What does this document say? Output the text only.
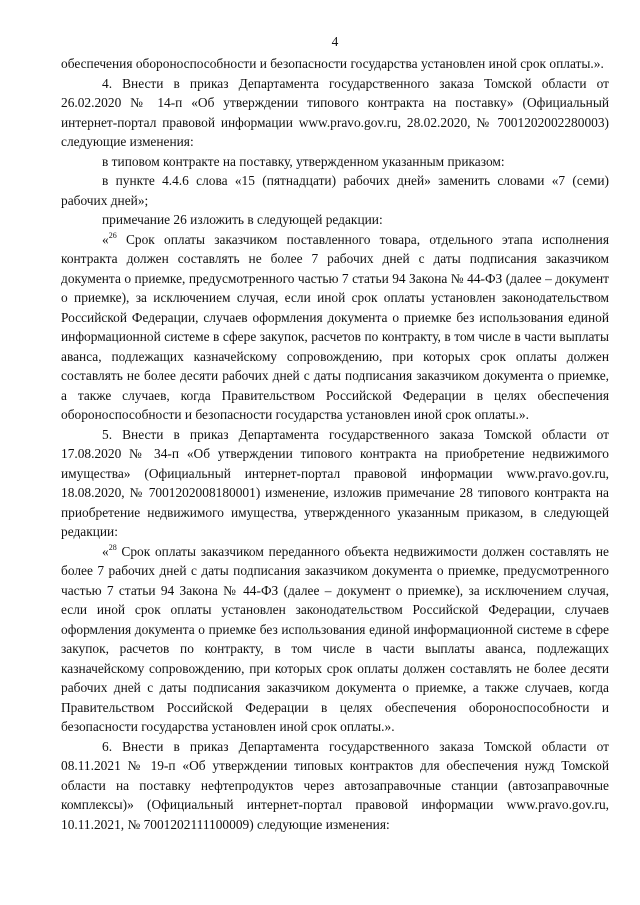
4

обеспечения обороноспособности и безопасности государства установлен иной срок оплаты.».

4. Внести в приказ Департамента государственного заказа Томской области от 26.02.2020 № 14-п «Об утверждении типового контракта на поставку» (Официальный интернет-портал правовой информации www.pravo.gov.ru, 28.02.2020, № 7001202002280003) следующие изменения:

в типовом контракте на поставку, утвержденном указанным приказом:

в пункте 4.4.6 слова «15 (пятнадцати) рабочих дней» заменить словами «7 (семи) рабочих дней»;

примечание 26 изложить в следующей редакции:

«$^{26}$ Срок оплаты заказчиком поставленного товара, отдельного этапа исполнения контракта должен составлять не более 7 рабочих дней с даты подписания заказчиком документа о приемке, предусмотренного частью 7 статьи 94 Закона № 44-ФЗ (далее – документ о приемке), за исключением случая, если иной срок оплаты установлен законодательством Российской Федерации, случаев оформления документа о приемке без использования единой информационной системе в сфере закупок, расчетов по контракту, в том числе в части выплаты аванса, подлежащих казначейскому сопровождению, при которых срок оплаты должен составлять не более десяти рабочих дней с даты подписания заказчиком документа о приемке, а также случаев, когда Правительством Российской Федерации в целях обеспечения обороноспособности и безопасности государства установлен иной срок оплаты.».

5. Внести в приказ Департамента государственного заказа Томской области от 17.08.2020 № 34-п «Об утверждении типового контракта на приобретение недвижимого имущества» (Официальный интернет-портал правовой информации www.pravo.gov.ru, 18.08.2020, № 7001202008180001) изменение, изложив примечание 28 типового контракта на приобретение недвижимого имущества, утвержденного указанным приказом, в следующей редакции:

«$^{28}$ Срок оплаты заказчиком переданного объекта недвижимости должен составлять не более 7 рабочих дней с даты подписания заказчиком документа о приемке, предусмотренного частью 7 статьи 94 Закона № 44-ФЗ (далее – документ о приемке), за исключением случая, если иной срок оплаты установлен законодательством Российской Федерации, случаев оформления документа о приемке без использования единой информационной системе в сфере закупок, расчетов по контракту, в том числе в части выплаты аванса, подлежащих казначейскому сопровождению, при которых срок оплаты должен составлять не более десяти рабочих дней с даты подписания заказчиком документа о приемке, а также случаев, когда Правительством Российской Федерации в целях обеспечения обороноспособности и безопасности государства установлен иной срок оплаты.».

6. Внести в приказ Департамента государственного заказа Томской области от 08.11.2021 № 19-п «Об утверждении типовых контрактов для обеспечения нужд Томской области на поставку нефтепродуктов через автозаправочные станции (автозаправочные комплексы)» (Официальный интернет-портал правовой информации www.pravo.gov.ru, 10.11.2021, № 7001202111100009) следующие изменения:
